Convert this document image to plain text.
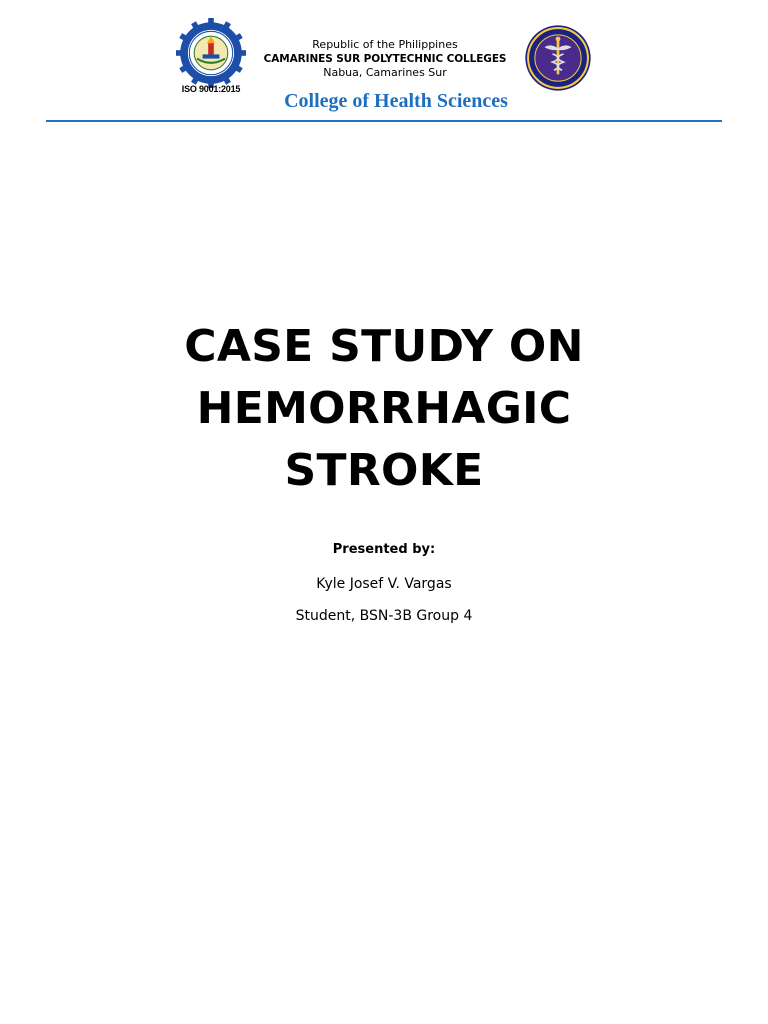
ISO 9001:2015
Republic of the Philippines
CAMARINES SUR POLYTECHNIC COLLEGES
Nabua, Camarines Sur
College of Health Sciences
CASE STUDY ON
HEMORRHAGIC
STROKE
Presented by:
Kyle Josef V. Vargas
Student, BSN-3B Group 4
